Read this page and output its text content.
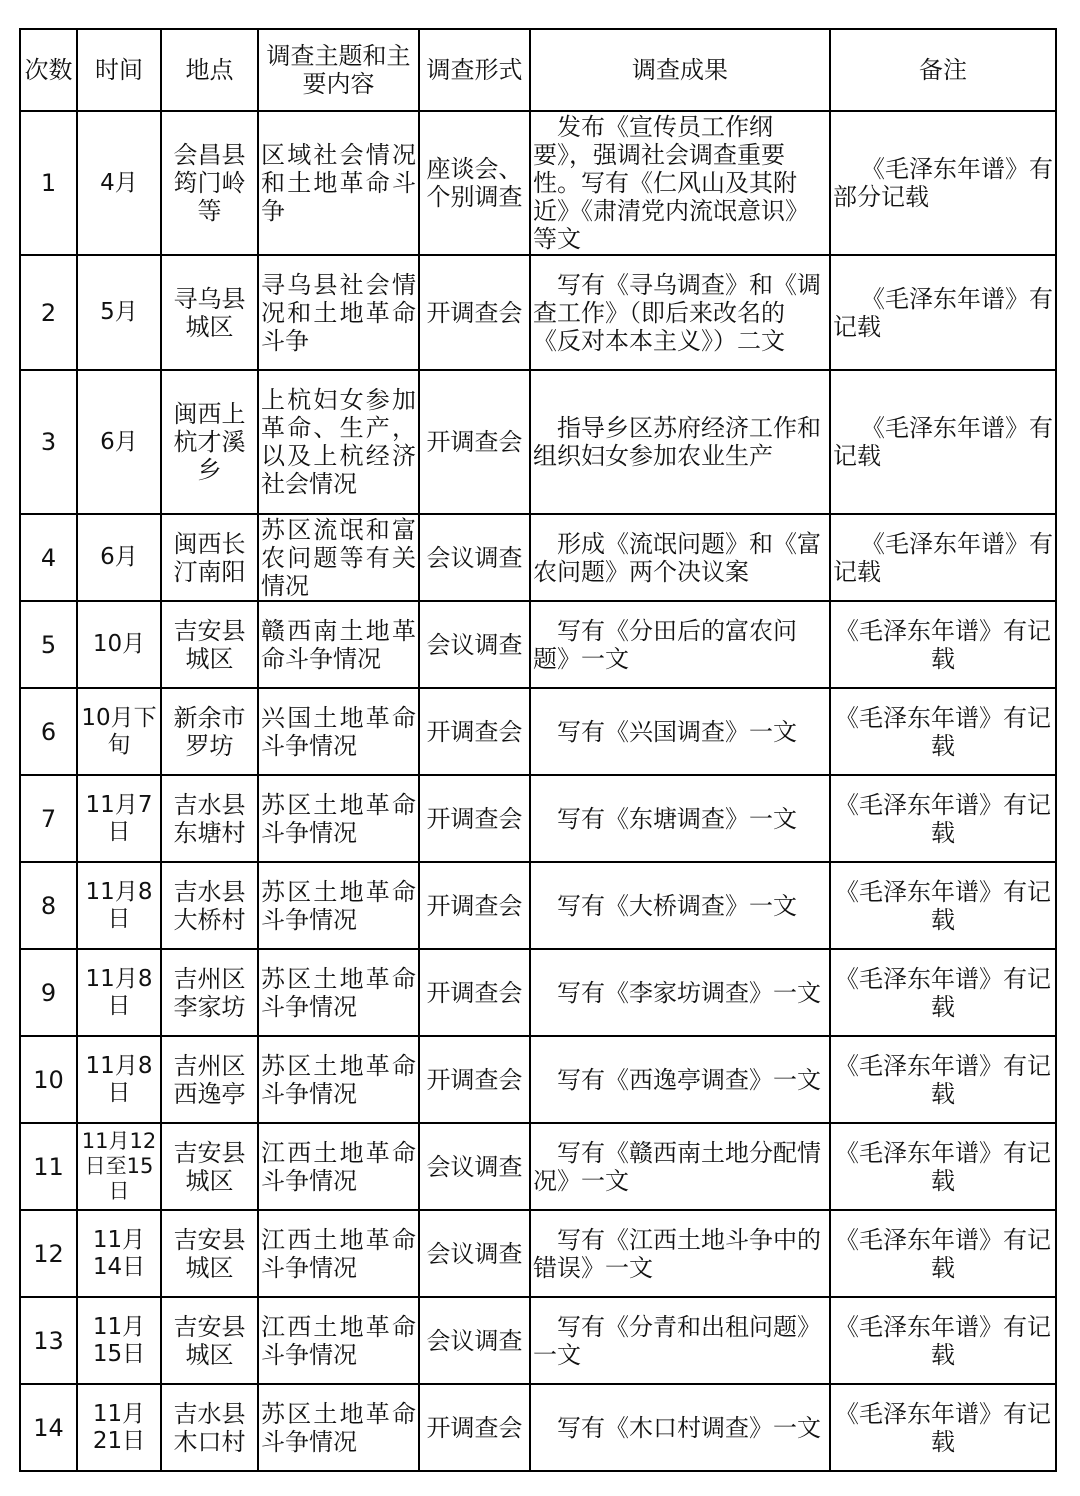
次数	时间	地点	调查主题和主要内容	调查形式	调查成果	备注
1	4月	会昌县筠门岭等	区域社会情况和土地革命斗争	座谈会、个别调查	发布《宣传员工作纲要》，强调社会调查重要性。写有《仁风山及其附近》《肃清党内流氓意识》等文	《毛泽东年谱》有部分记载
2	5月	寻乌县城区	寻乌县社会情况和土地革命斗争	开调查会	写有《寻乌调查》和《调查工作》（即后来改名的《反对本本主义》）二文	《毛泽东年谱》有记载
3	6月	闽西上杭才溪乡	上杭妇女参加革命、生产，以及上杭经济社会情况	开调查会	指导乡区苏府经济工作和组织妇女参加农业生产	《毛泽东年谱》有记载
4	6月	闽西长汀南阳	苏区流氓和富农问题等有关情况	会议调查	形成《流氓问题》和《富农问题》两个决议案	《毛泽东年谱》有记载
5	10月	吉安县城区	赣西南土地革命斗争情况	会议调查	写有《分田后的富农问题》一文	《毛泽东年谱》有记载
6	10月下旬	新余市罗坊	兴国土地革命斗争情况	开调查会	写有《兴国调查》一文	《毛泽东年谱》有记载
7	11月7日	吉水县东塘村	苏区土地革命斗争情况	开调查会	写有《东塘调查》一文	《毛泽东年谱》有记载
8	11月8日	吉水县大桥村	苏区土地革命斗争情况	开调查会	写有《大桥调查》一文	《毛泽东年谱》有记载
9	11月8日	吉州区李家坊	苏区土地革命斗争情况	开调查会	写有《李家坊调查》一文	《毛泽东年谱》有记载
10	11月8日	吉州区西逸亭	苏区土地革命斗争情况	开调查会	写有《西逸亭调查》一文	《毛泽东年谱》有记载
11	11月12日至15日	吉安县城区	江西土地革命斗争情况	会议调查	写有《赣西南土地分配情况》一文	《毛泽东年谱》有记载
12	11月14日	吉安县城区	江西土地革命斗争情况	会议调查	写有《江西土地斗争中的错误》一文	《毛泽东年谱》有记载
13	11月15日	吉安县城区	江西土地革命斗争情况	会议调查	写有《分青和出租问题》一文	《毛泽东年谱》有记载
14	11月21日	吉水县木口村	苏区土地革命斗争情况	开调查会	写有《木口村调查》一文	《毛泽东年谱》有记载
